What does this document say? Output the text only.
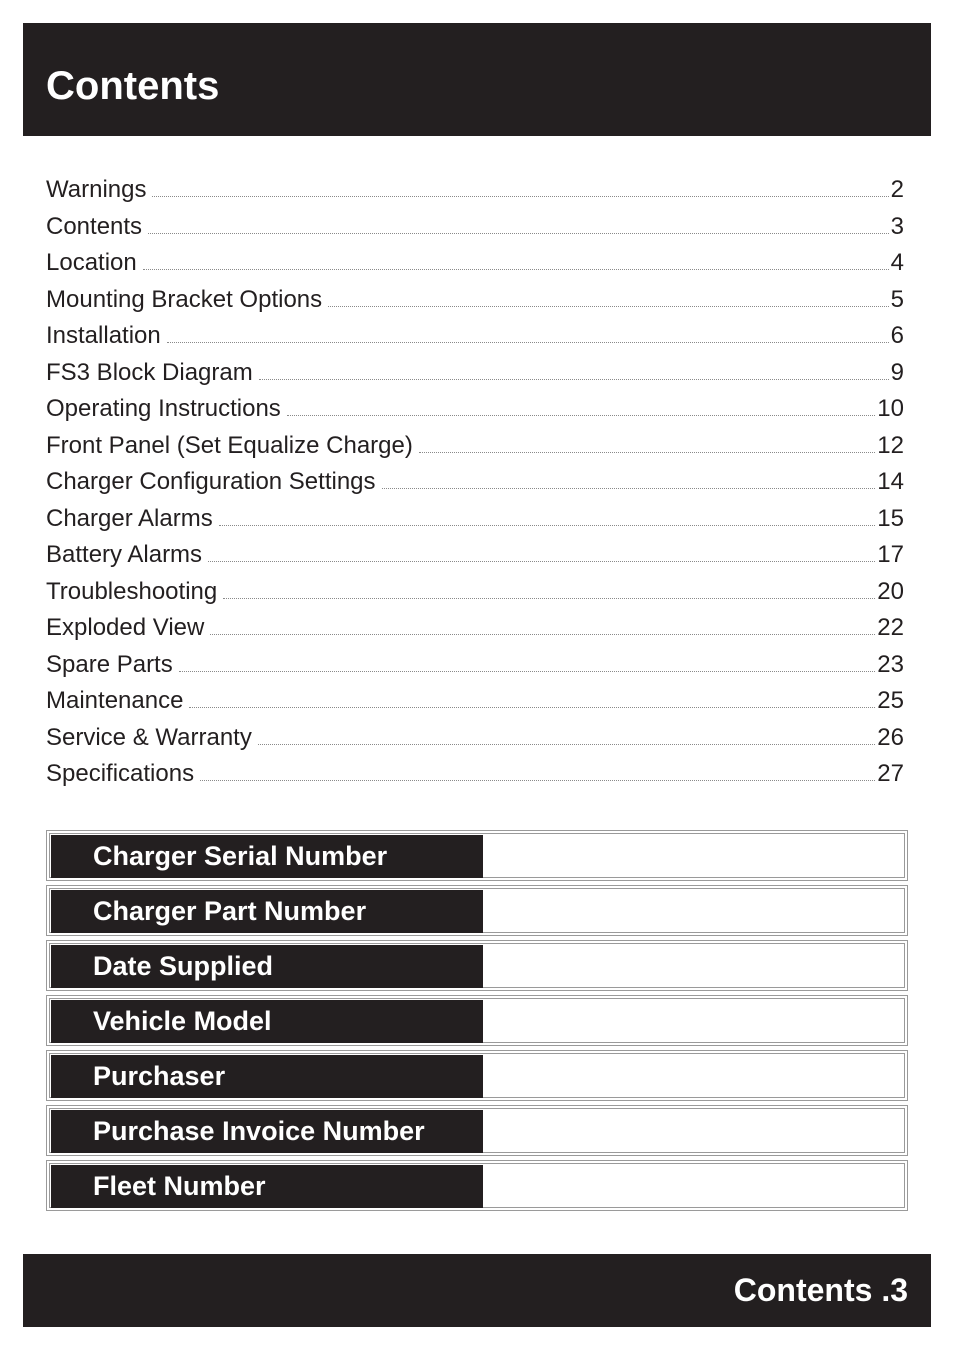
Contents
Warnings	2
Contents	3
Location	4
Mounting Bracket Options	5
Installation	6
FS3 Block Diagram	9
Operating Instructions	10
Front Panel (Set Equalize Charge)	12
Charger Configuration Settings	14
Charger Alarms	15
Battery Alarms	17
Troubleshooting	20
Exploded View	22
Spare Parts	23
Maintenance	25
Service & Warranty	26
Specifications	27
Charger Serial Number
Charger Part Number
Date Supplied
Vehicle Model
Purchaser
Purchase Invoice Number
Fleet Number

Contents .3
